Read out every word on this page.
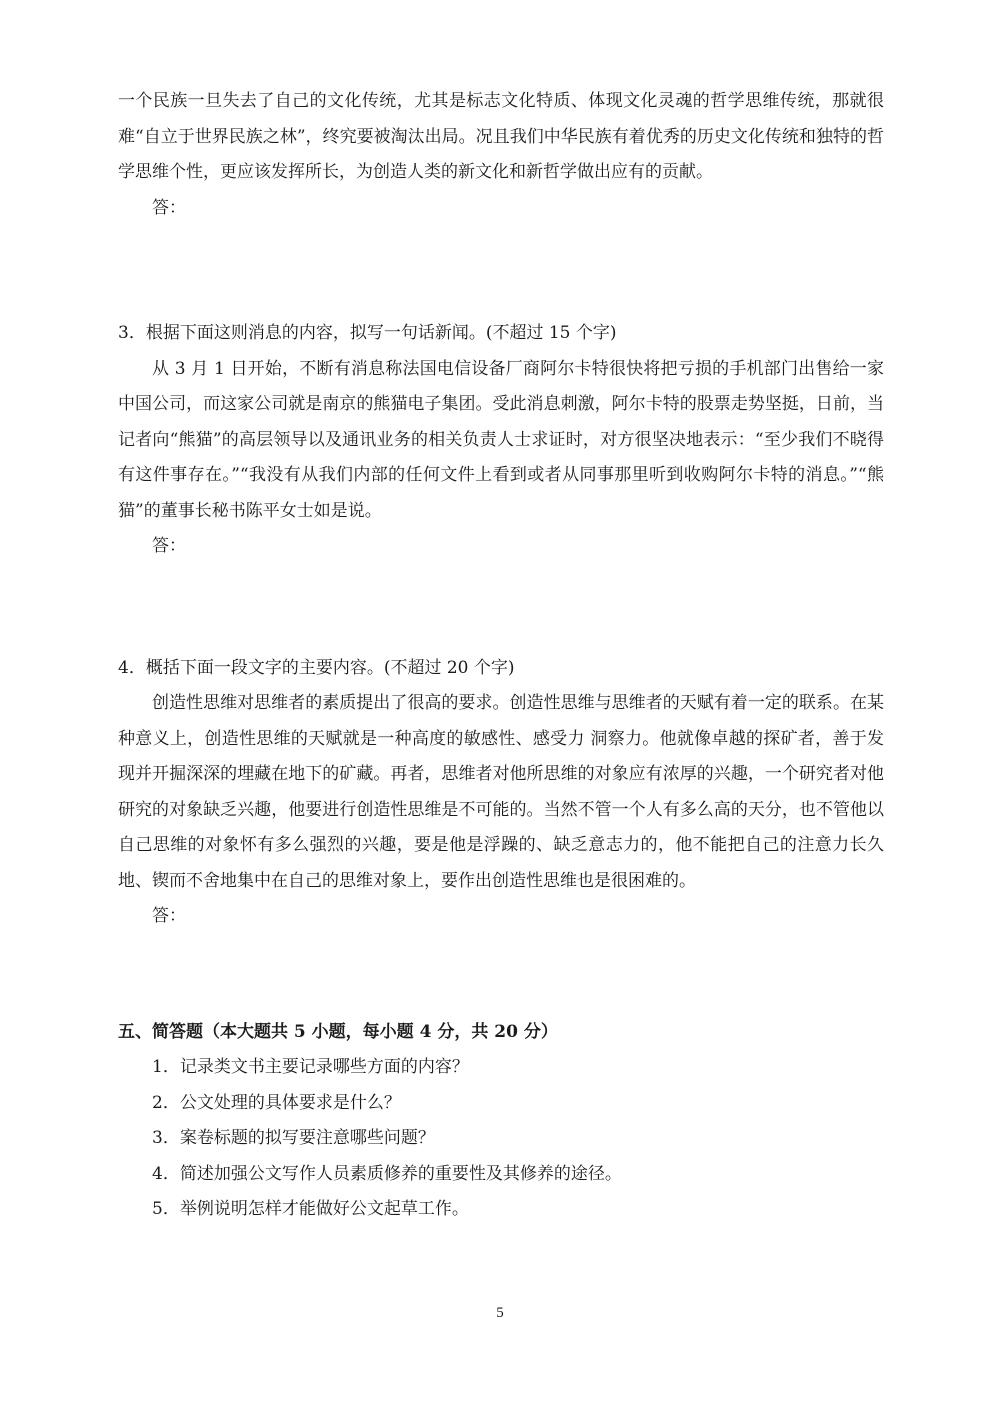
一个民族一旦失去了自己的文化传统，尤其是标志文化特质、体现文化灵魂的哲学思维传统，那就很难“自立于世界民族之林”，终究要被淘汰出局。况且我们中华民族有着优秀的历史文化传统和独特的哲学思维个性，更应该发挥所长，为创造人类的新文化和新哲学做出应有的贡献。

答：

3．根据下面这则消息的内容，拟写一句话新闻。(不超过 15 个字)

从 3 月 1 日开始，不断有消息称法国电信设备厂商阿尔卡特很快将把亏损的手机部门出售给一家中国公司，而这家公司就是南京的熊猫电子集团。受此消息刺激，阿尔卡特的股票走势坚挺，日前，当记者向“熊猫”的高层领导以及通讯业务的相关负责人士求证时，对方很坚决地表示：“至少我们不晓得有这件事存在。”“我没有从我们内部的任何文件上看到或者从同事那里听到收购阿尔卡特的消息。”“熊猫”的董事长秘书陈平女士如是说。

答：

4．概括下面一段文字的主要内容。(不超过 20 个字)

创造性思维对思维者的素质提出了很高的要求。创造性思维与思维者的天赋有着一定的联系。在某种意义上，创造性思维的天赋就是一种高度的敏感性、感受力 洞察力。他就像卓越的探矿者，善于发现并开掘深深的埋藏在地下的矿藏。再者，思维者对他所思维的对象应有浓厚的兴趣，一个研究者对他研究的对象缺乏兴趣，他要进行创造性思维是不可能的。当然不管一个人有多么高的天分，也不管他以自己思维的对象怀有多么强烈的兴趣，要是他是浮躁的、缺乏意志力的，他不能把自己的注意力长久地、锲而不舍地集中在自己的思维对象上，要作出创造性思维也是很困难的。

答：

五、简答题（本大题共 5 小题，每小题 4 分，共 20 分）

1．记录类文书主要记录哪些方面的内容？

2．公文处理的具体要求是什么？

3．案卷标题的拟写要注意哪些问题？

4．简述加强公文写作人员素质修养的重要性及其修养的途径。

5．举例说明怎样才能做好公文起草工作。

5
